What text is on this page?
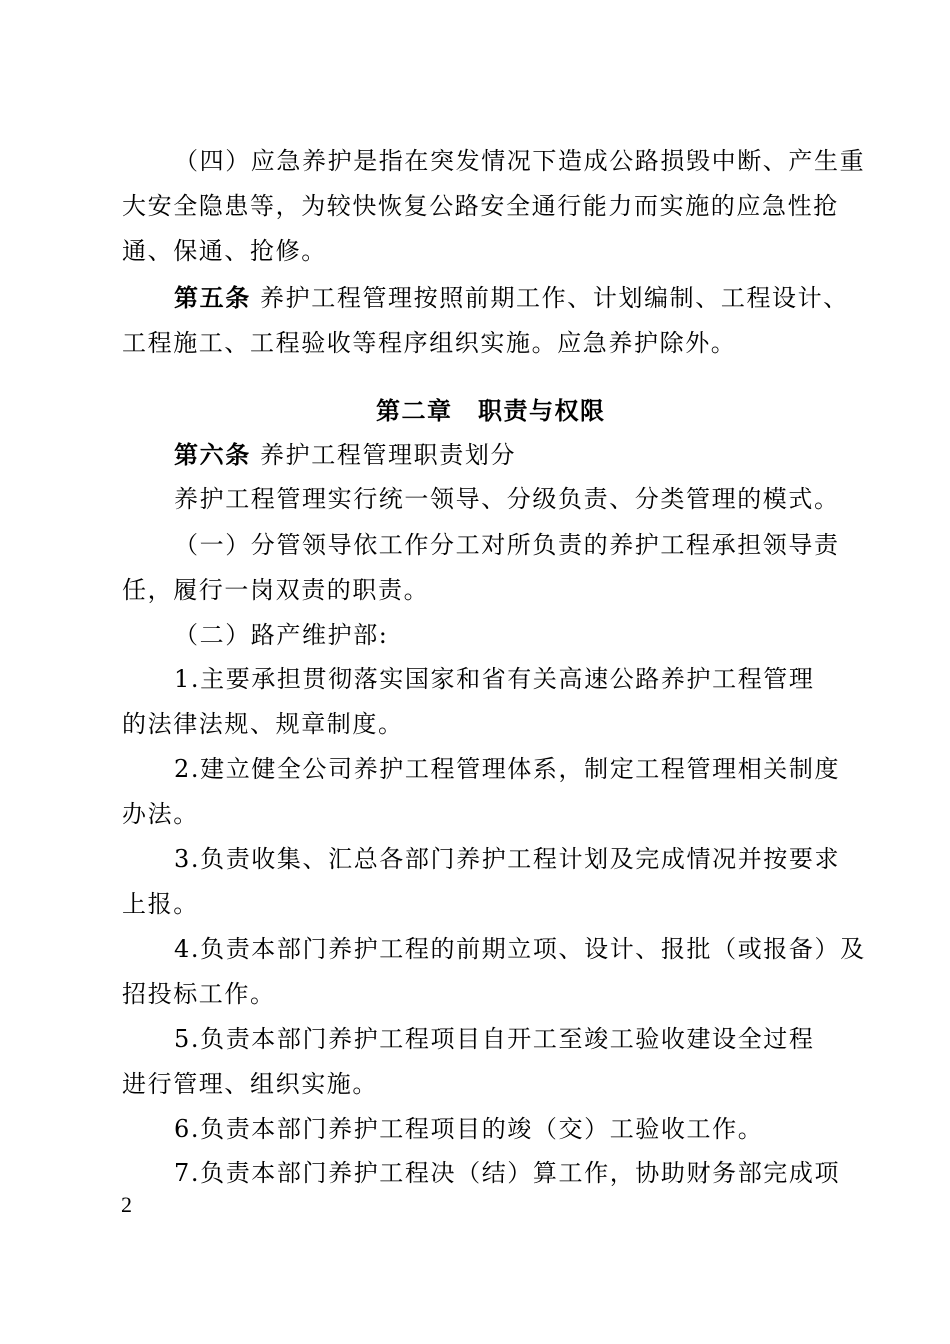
（四）应急养护是指在突发情况下造成公路损毁中断、产生重
大安全隐患等，为较快恢复公路安全通行能力而实施的应急性抢
通、保通、抢修。
第五条 养护工程管理按照前期工作、计划编制、工程设计、
工程施工、工程验收等程序组织实施。应急养护除外。
第二章　职责与权限
第六条 养护工程管理职责划分
养护工程管理实行统一领导、分级负责、分类管理的模式。
（一）分管领导依工作分工对所负责的养护工程承担领导责
任，履行一岗双责的职责。
（二）路产维护部:
1.主要承担贯彻落实国家和省有关高速公路养护工程管理
的法律法规、规章制度。
2.建立健全公司养护工程管理体系，制定工程管理相关制度
办法。
3.负责收集、汇总各部门养护工程计划及完成情况并按要求
上报。
4.负责本部门养护工程的前期立项、设计、报批（或报备）及
招投标工作。
5.负责本部门养护工程项目自开工至竣工验收建设全过程
进行管理、组织实施。
6.负责本部门养护工程项目的竣（交）工验收工作。
7.负责本部门养护工程决（结）算工作，协助财务部完成项
2
